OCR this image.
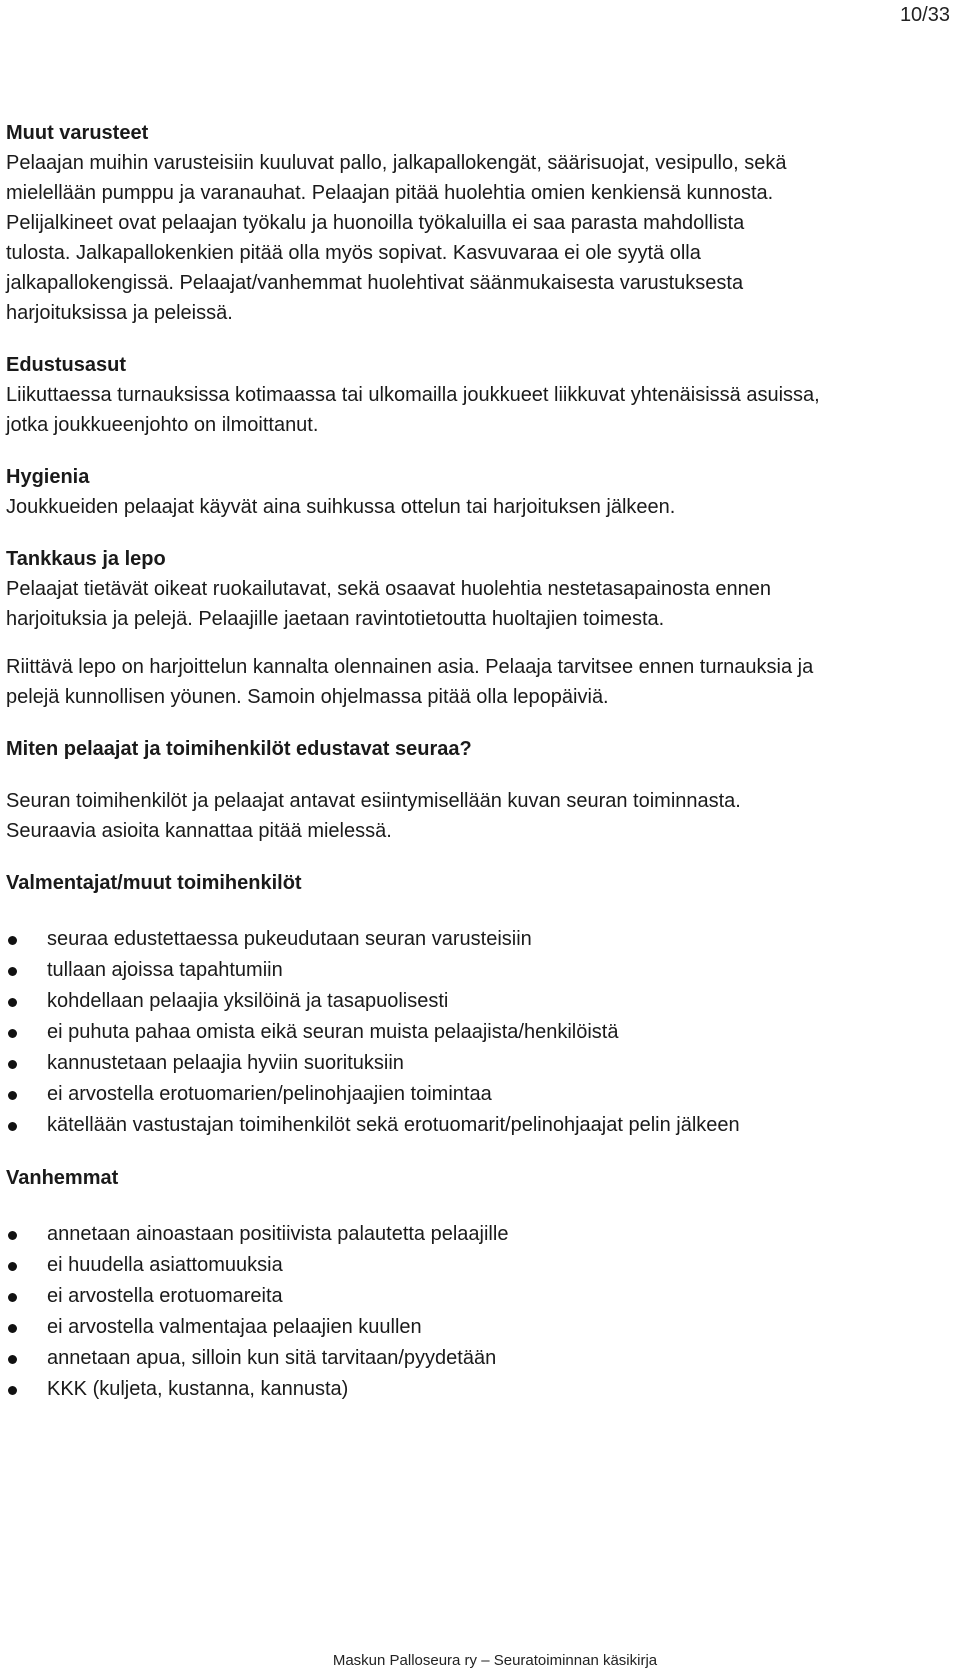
10/33

Muut varusteet

Pelaajan muihin varusteisiin kuuluvat pallo, jalkapallokengät, säärisuojat, vesipullo, sekä

mielellään pumppu ja varanauhat. Pelaajan pitää huolehtia omien kenkiensä kunnosta.

Pelijalkineet ovat pelaajan työkalu ja huonoilla työkaluilla ei saa parasta mahdollista

tulosta. Jalkapallokenkien pitää olla myös sopivat. Kasvuvaraa ei ole syytä olla

jalkapallokengissä. Pelaajat/vanhemmat huolehtivat säänmukaisesta varustuksesta

harjoituksissa ja peleissä.

Edustusasut

Liikuttaessa turnauksissa kotimaassa tai ulkomailla joukkueet liikkuvat yhtenäisissä asuissa,

jotka joukkueenjohto on ilmoittanut.

Hygienia

Joukkueiden pelaajat käyvät aina suihkussa ottelun tai harjoituksen jälkeen.

Tankkaus ja lepo

Pelaajat tietävät oikeat ruokailutavat, sekä osaavat huolehtia nestetasapainosta ennen

harjoituksia ja pelejä. Pelaajille jaetaan ravintotietoutta huoltajien toimesta.

Riittävä lepo on harjoittelun kannalta olennainen asia. Pelaaja tarvitsee ennen turnauksia ja

pelejä kunnollisen yöunen. Samoin ohjelmassa pitää olla lepopäiviä.

Miten pelaajat ja toimihenkilöt edustavat seuraa?

Seuran toimihenkilöt ja pelaajat antavat esiintymisellään kuvan seuran toiminnasta.

Seuraavia asioita kannattaa pitää mielessä.

Valmentajat/muut toimihenkilöt

seuraa edustettaessa pukeudutaan seuran varusteisiin
tullaan ajoissa tapahtumiin
kohdellaan pelaajia yksilöinä ja tasapuolisesti
ei puhuta pahaa omista eikä seuran muista pelaajista/henkilöistä
kannustetaan pelaajia hyviin suorituksiin
ei arvostella erotuomarien/pelinohjaajien toimintaa
kätellään vastustajan toimihenkilöt sekä erotuomarit/pelinohjaajat pelin jälkeen

Vanhemmat

annetaan ainoastaan positiivista palautetta pelaajille
ei huudella asiattomuuksia
ei arvostella erotuomareita
ei arvostella valmentajaa pelaajien kuullen
annetaan apua, silloin kun sitä tarvitaan/pyydetään
KKK (kuljeta, kustanna, kannusta)
Maskun Palloseura ry – Seuratoiminnan käsikirja
